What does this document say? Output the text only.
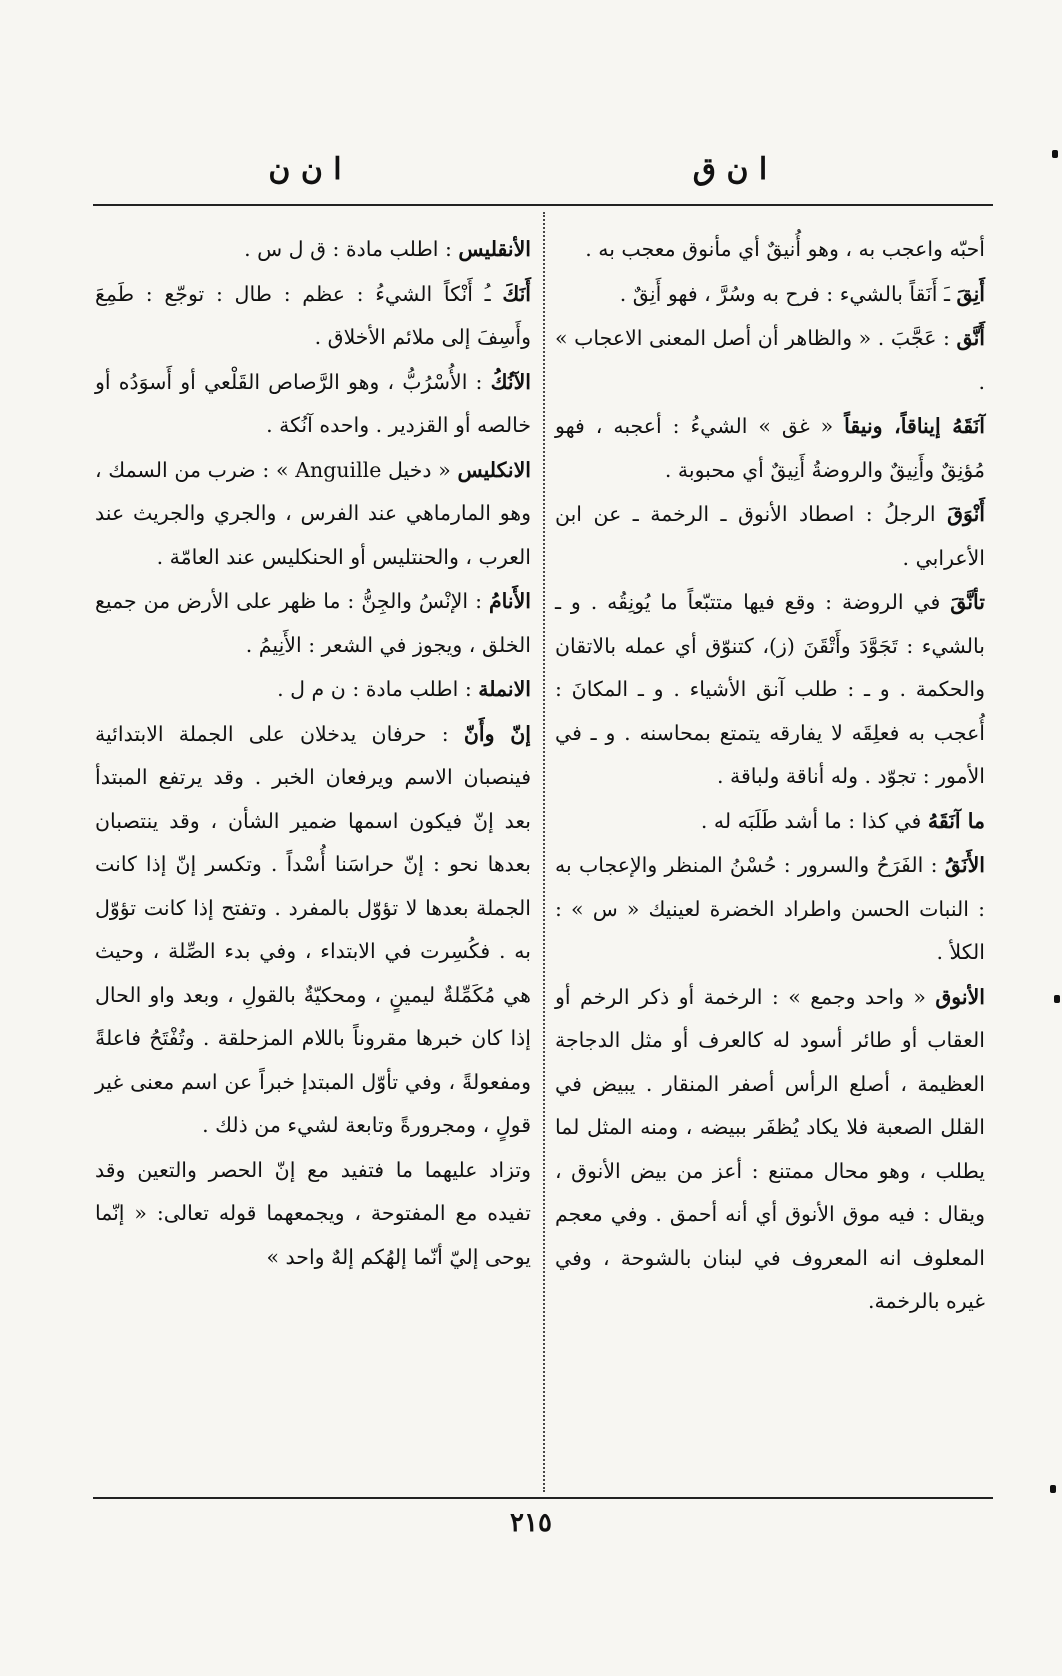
ا ن ق
ا ن ن
أحبّه واعجب به ، وهو أُنيقٌ أي مأنوق معجب به .
أَنِقَ ـَ أَنَقاً بالشيء : فرح به وسُرَّ ، فهو أَنِقٌ .
أَنَّق : عَجَّبَ . « والظاهر أن أصل المعنى الاعجاب » .
آنَقَهُ إيناقاً، ونيقاً « غق » الشيءُ : أعجبه ، فهو مُؤنِقٌ وأَنِيقٌ والروضةُ أَنِيقٌ أي محبوبة .
أَنْوَقَ الرجلُ : اصطاد الأنوق ـ الرخمة ـ عن ابن الأعرابي .
تأنَّقَ في الروضة : وقع فيها متتبّعاً ما يُونِقُه . و ـ بالشيء : تَجَوَّدَ وأَتْقَنَ (ز)، كتنوّق أي عمله بالاتقان والحكمة . و ـ : طلب آنق الأشياء . و ـ المكانَ : أُعجب به فعلِقَه لا يفارقه يتمتع بمحاسنه . و ـ في الأمور : تجوّد . وله أناقة ولباقة .
ما آنَقَهُ في كذا : ما أشد طَلَبَه له .
الأَنَقُ : الفَرَحُ والسرور : حُسْنُ المنظر والإعجاب به : النبات الحسن واطراد الخضرة لعينيك « س » : الكلأ .
الأنوق « واحد وجمع » : الرخمة أو ذكر الرخم أو العقاب أو طائر أسود له كالعرف أو مثل الدجاجة العظيمة ، أصلع الرأس أصفر المنقار . يبيض في القلل الصعبة فلا يكاد يُظفَر ببيضه ، ومنه المثل لما يطلب ، وهو محال ممتنع : أعز من بيض الأنوق ، ويقال : فيه موق الأنوق أي أنه أحمق . وفي معجم المعلوف انه المعروف في لبنان بالشوحة ، وفي غيره بالرخمة.
الأنقليس : اطلب مادة : ق ل س .
أَنَكَ ـُ أَنْكاً الشيءُ : عظم : طال : توجّع : طَمِعَ وأَسِفَ إلى ملائم الأخلاق .
الآنُكُ : الأُسْرُبُّ ، وهو الرَّصاص القَلْعي أو أَسوَدُه أو خالصه أو القزدير . واحده آنُكة .
الانكليس « دخيل Anguille » : ضرب من السمك ، وهو المارماهي عند الفرس ، والجري والجريث عند العرب ، والحنتليس أو الحنكليس عند العامّة .
الأَنامُ : الإنْسُ والجِنُّ : ما ظهر على الأرض من جميع الخلق ، ويجوز في الشعر : الأَنِيمُ .
الانملة : اطلب مادة : ن م ل .
إنّ وأَنّ : حرفان يدخلان على الجملة الابتدائية فينصبان الاسم ويرفعان الخبر . وقد يرتفع المبتدأ بعد إنّ فيكون اسمها ضمير الشأن ، وقد ينتصبان بعدها نحو : إنّ حراسَنا أُسْداً . وتكسر إنّ إذا كانت الجملة بعدها لا تؤوّل بالمفرد . وتفتح إذا كانت تؤوّل به . فكُسِرت في الابتداء ، وفي بدء الصِّلة ، وحيث هي مُكَمِّلةٌ ليمينٍ ، ومحكيّةٌ بالقولِ ، وبعد واو الحال إذا كان خبرها مقروناً باللام المزحلقة . وتُفْتَحُ فاعلةً ومفعولةً ، وفي تأوّل المبتدإ خبراً عن اسم معنى غير قولٍ ، ومجرورةً وتابعة لشيء من ذلك .
وتزاد عليهما ما فتفيد مع إنّ الحصر والتعين وقد تفيده مع المفتوحة ، ويجمعهما قوله تعالى: « إنّما يوحى إليّ أنّما إلهُكم إلهٌ واحد »
٢١٥
